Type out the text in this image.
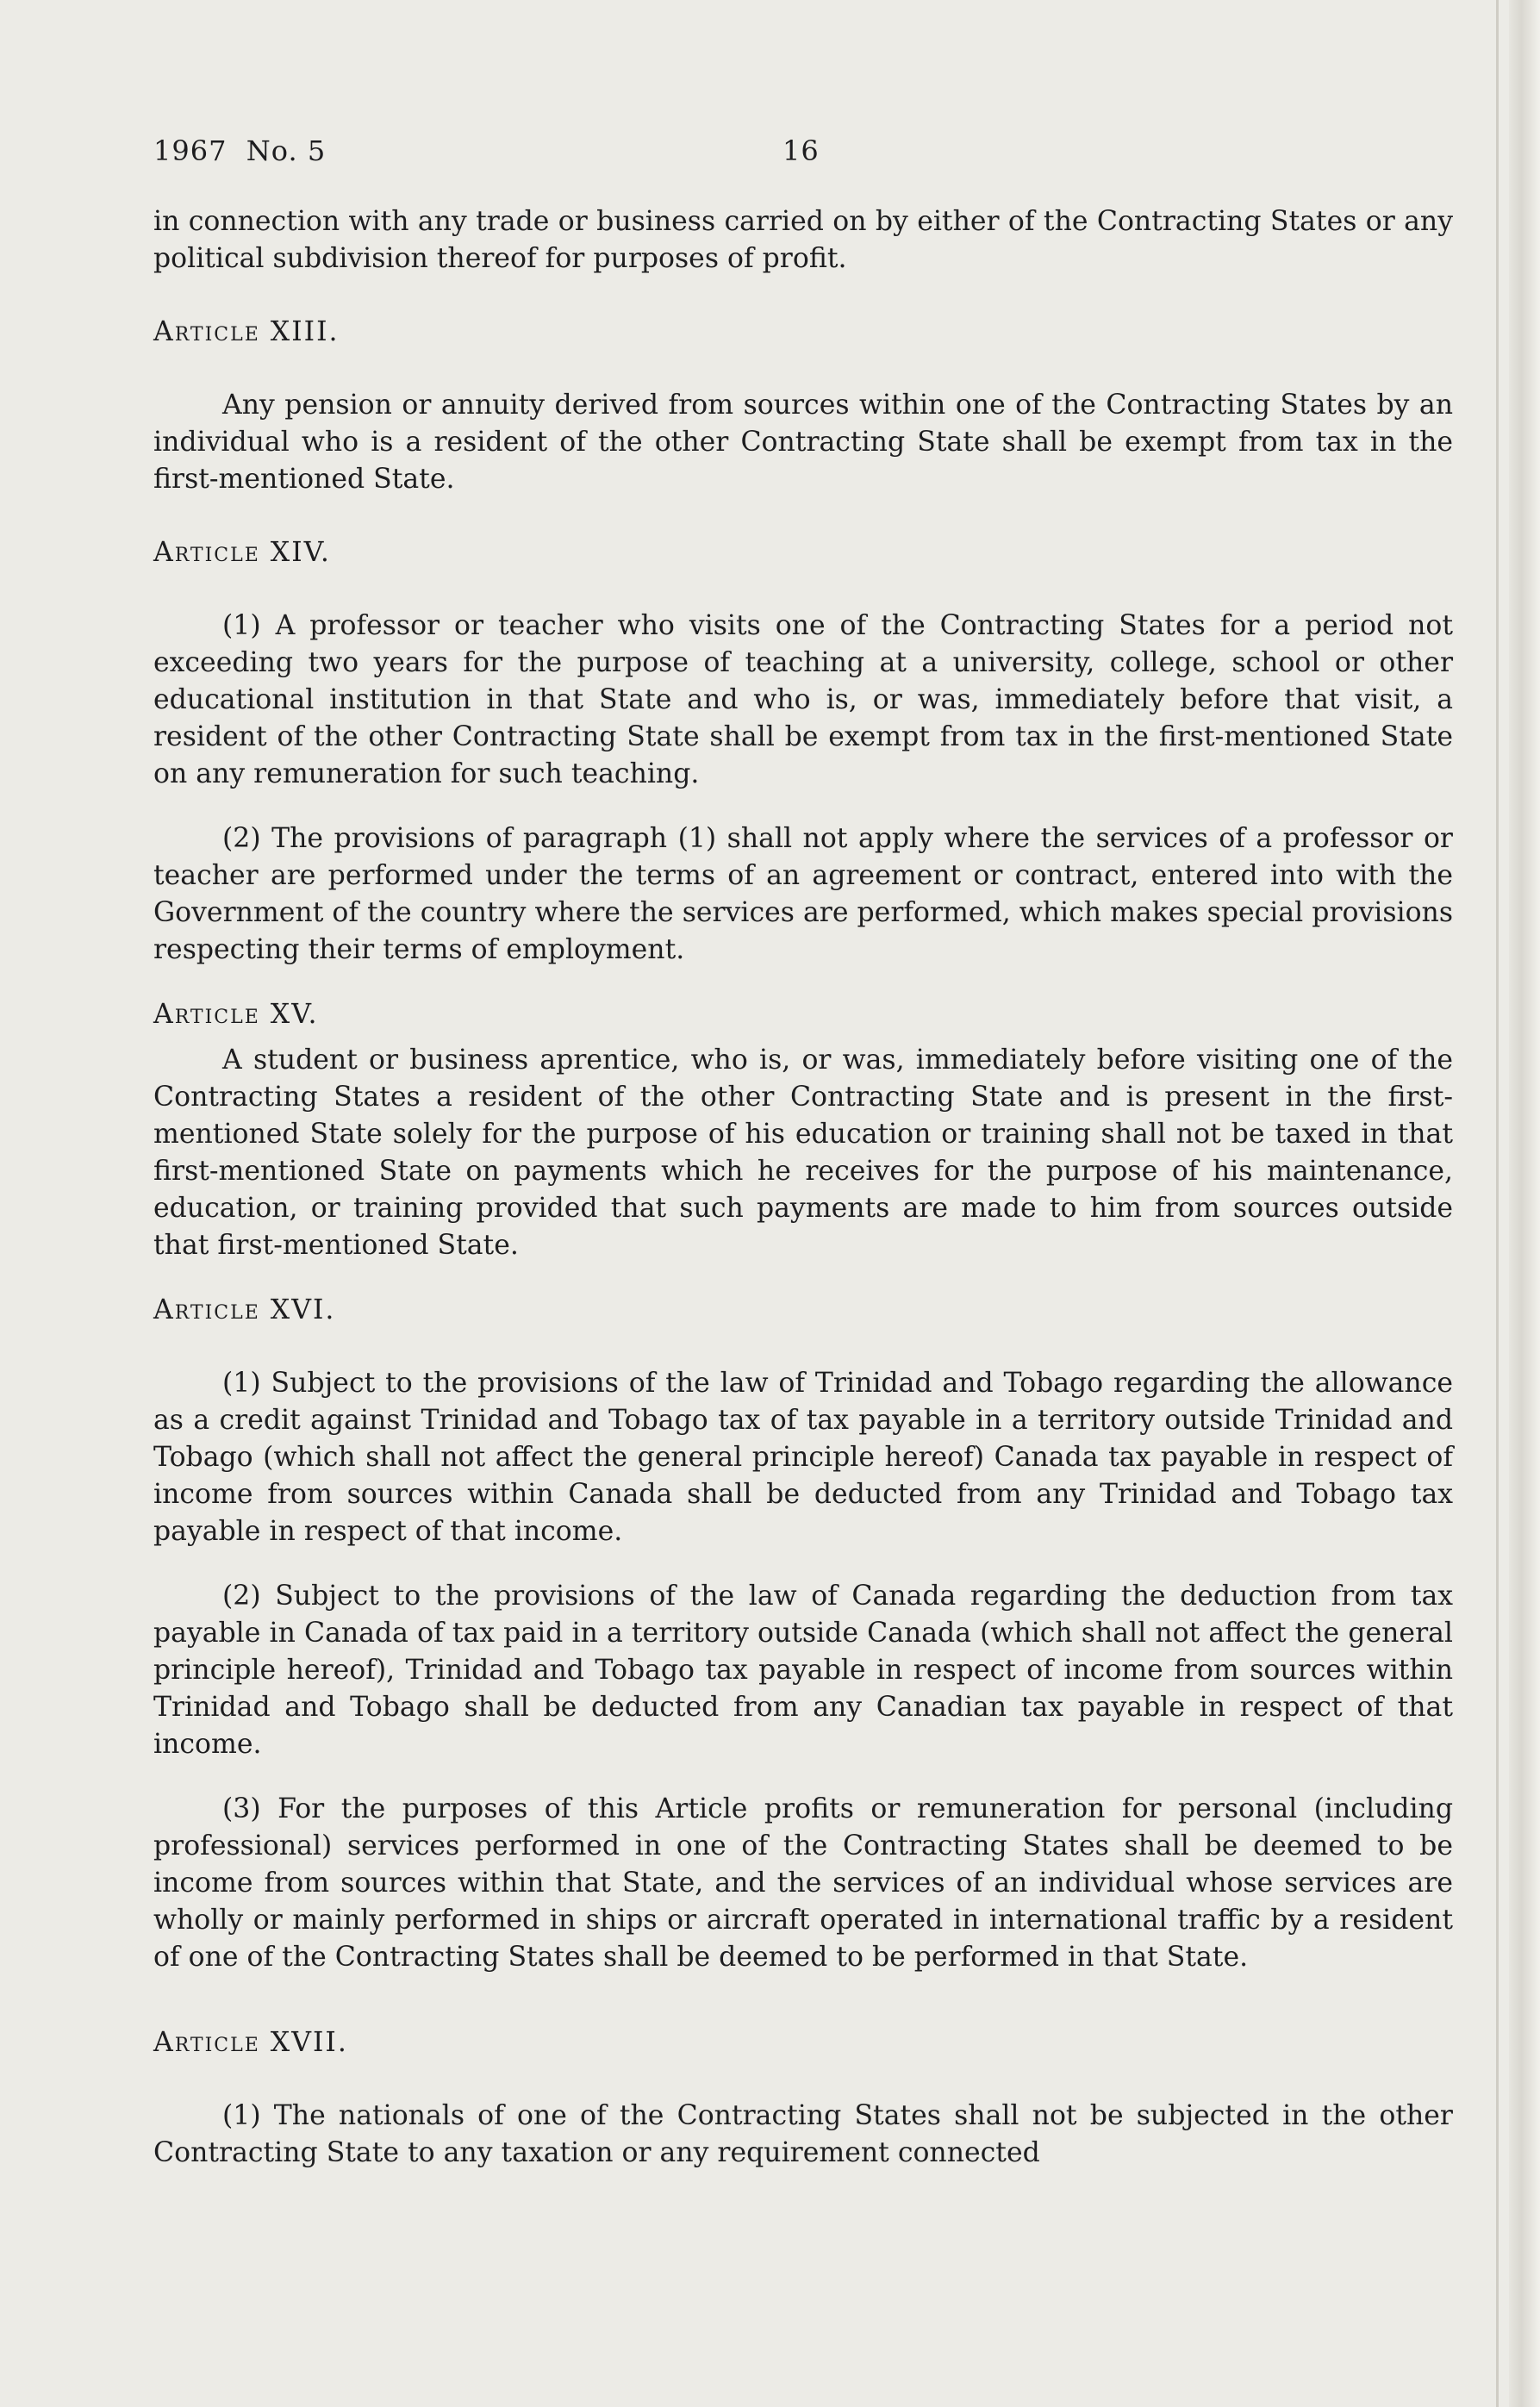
1967  No. 5	16

in connection with any trade or business carried on by either of the Contracting States or any political subdivision thereof for purposes of profit.

Article XIII.

Any pension or annuity derived from sources within one of the Contracting States by an individual who is a resident of the other Contracting State shall be exempt from tax in the first-mentioned State.

Article XIV.

(1) A professor or teacher who visits one of the Contracting States for a period not exceeding two years for the purpose of teaching at a university, college, school or other educational institution in that State and who is, or was, immediately before that visit, a resident of the other Contracting State shall be exempt from tax in the first-mentioned State on any remuneration for such teaching.

(2) The provisions of paragraph (1) shall not apply where the services of a professor or teacher are performed under the terms of an agreement or contract, entered into with the Government of the country where the services are performed, which makes special provisions respecting their terms of employment.

Article XV.

A student or business aprentice, who is, or was, immediately before visiting one of the Contracting States a resident of the other Contracting State and is present in the first-mentioned State solely for the purpose of his education or training shall not be taxed in that first-mentioned State on payments which he receives for the purpose of his maintenance, education, or training provided that such payments are made to him from sources outside that first-mentioned State.

Article XVI.

(1) Subject to the provisions of the law of Trinidad and Tobago regarding the allowance as a credit against Trinidad and Tobago tax of tax payable in a territory outside Trinidad and Tobago (which shall not affect the general principle hereof) Canada tax payable in respect of income from sources within Canada shall be deducted from any Trinidad and Tobago tax payable in respect of that income.

(2) Subject to the provisions of the law of Canada regarding the deduction from tax payable in Canada of tax paid in a territory outside Canada (which shall not affect the general principle hereof), Trinidad and Tobago tax payable in respect of income from sources within Trinidad and Tobago shall be deducted from any Canadian tax payable in respect of that income.

(3) For the purposes of this Article profits or remuneration for personal (including professional) services performed in one of the Contracting States shall be deemed to be income from sources within that State, and the services of an individual whose services are wholly or mainly performed in ships or aircraft operated in international traffic by a resident of one of the Contracting States shall be deemed to be performed in that State.

Article XVII.

(1) The nationals of one of the Contracting States shall not be subjected in the other Contracting State to any taxation or any requirement connected
